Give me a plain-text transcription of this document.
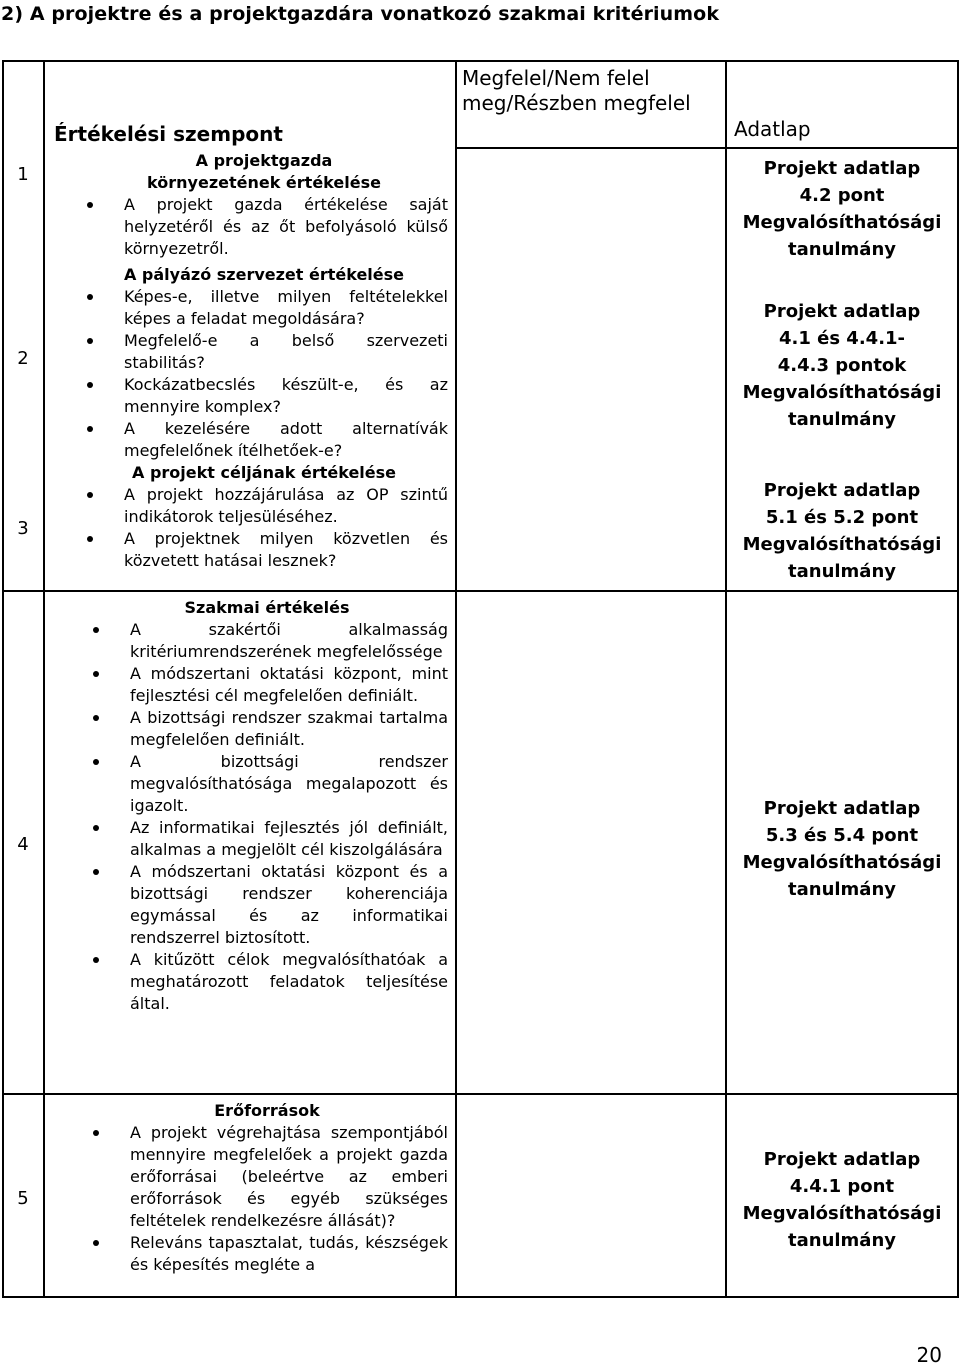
2) A projektre és a projektgazdára vonatkozó szakmai kritériumok
Értékelési szempont
Megfelel/Nem felel meg/Részben megfelel
Adatlap
1
2
3
4
5
A projektgazda környezetének értékelése
A projekt gazda értékelése saját helyzetéről és az őt befolyásoló külső környezetről.
A pályázó szervezet értékelése
Képes-e, illetve milyen feltételekkel képes a feladat megoldására?
Megfelelő-e a belső szervezeti stabilitás?
Kockázatbecslés készült-e, és az mennyire komplex?
A kezelésére adott alternatívák megfelelőnek ítélhetőek-e?
A projekt céljának értékelése
A projekt hozzájárulása az OP szintű indikátorok teljesüléséhez.
A projektnek milyen közvetlen és közvetett hatásai lesznek?
Szakmai értékelés
A szakértői alkalmasság kritériumrendszerének megfelelőssége
A módszertani oktatási központ, mint fejlesztési cél megfelelően definiált.
A bizottsági rendszer szakmai tartalma megfelelően definiált.
A bizottsági rendszer megvalósíthatósága megalapozott és igazolt.
Az informatikai fejlesztés jól definiált, alkalmas a megjelölt cél kiszolgálására
A módszertani oktatási központ és a bizottsági rendszer koherenciája egymással és az informatikai rendszerrel biztosított.
A kitűzött célok megvalósíthatóak a meghatározott feladatok teljesítése által.
Erőforrások
A projekt végrehajtása szempontjából mennyire megfelelőek a projekt gazda erőforrásai (beleértve az emberi erőforrások és egyéb szükséges feltételek rendelkezésre állását)?
Releváns tapasztalat, tudás, készségek és képesítés megléte a
Projekt adatlap 4.2 pont
Megvalósíthatósági tanulmány
Projekt adatlap 4.1 és 4.4.1-4.4.3 pontok
Megvalósíthatósági tanulmány
Projekt adatlap 5.1 és 5.2 pont
Megvalósíthatósági tanulmány
Projekt adatlap 5.3 és 5.4 pont
Megvalósíthatósági tanulmány
Projekt adatlap 4.4.1 pont
Megvalósíthatósági tanulmány
20
